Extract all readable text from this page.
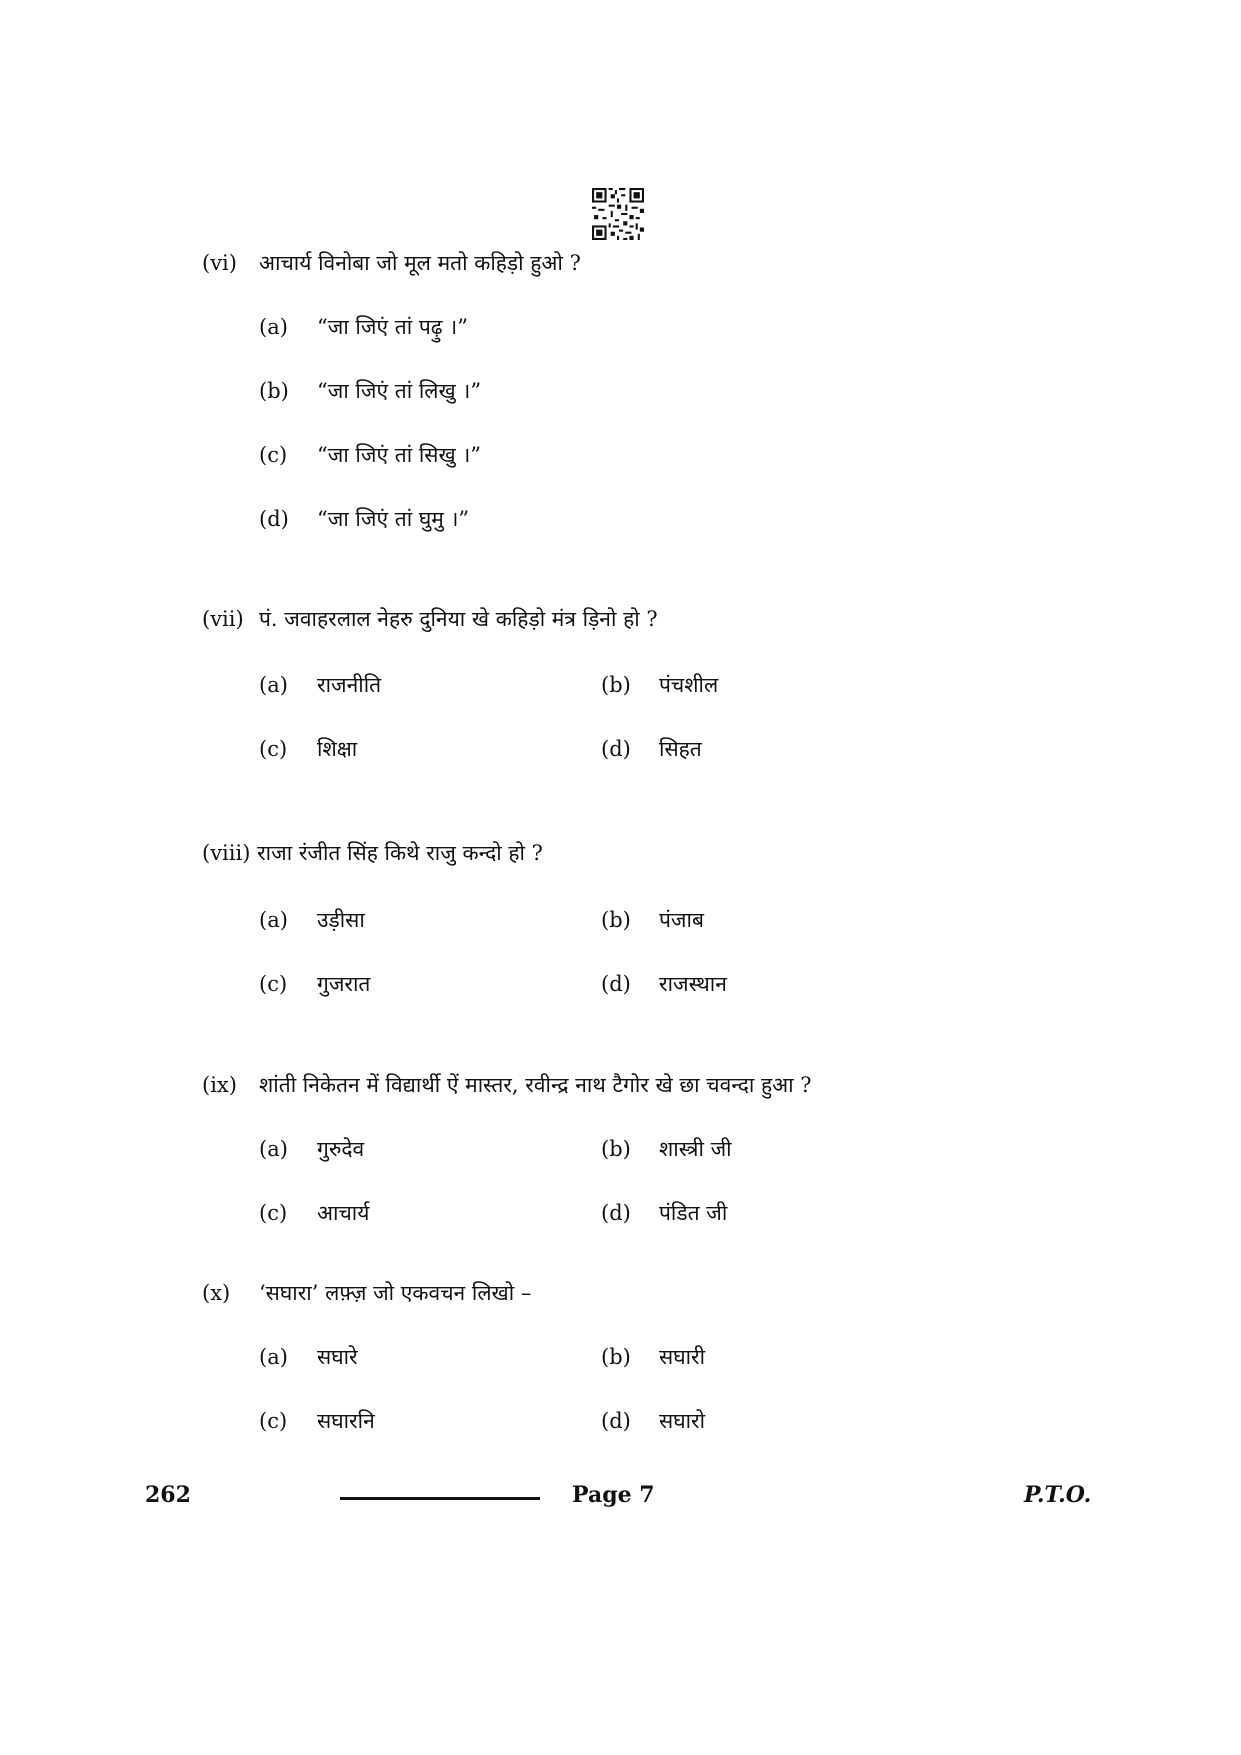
(vi) आचार्य विनोबा जो मूल मतो कहिड़ो हुओ ?
(a) “जा जिएं तां पढ़ु ।”
(b) “जा जिएं तां लिखु ।”
(c) “जा जिएं तां सिखु ।”
(d) “जा जिएं तां घुमु ।”
(vii) पं. जवाहरलाल नेहरु दुनिया खे कहिड़ो मंत्र ड़िनो हो ?
(a) राजनीति	(b) पंचशील
(c) शिक्षा	(d) सिहत
(viii) राजा रंजीत सिंह किथे राजु कन्दो हो ?
(a) उड़ीसा	(b) पंजाब
(c) गुजरात	(d) राजस्थान
(ix) शांती निकेतन में विद्यार्थी ऐं मास्तर, रवीन्द्र नाथ टैगोर खे छा चवन्दा हुआ ?
(a) गुरुदेव	(b) शास्त्री जी
(c) आचार्य	(d) पंडित जी
(x) ‘सघारा’ लफ़्ज़ जो एकवचन लिखो –
(a) सघारे	(b) सघारी
(c) सघारनि	(d) सघारो
262	Page 7	P.T.O.
